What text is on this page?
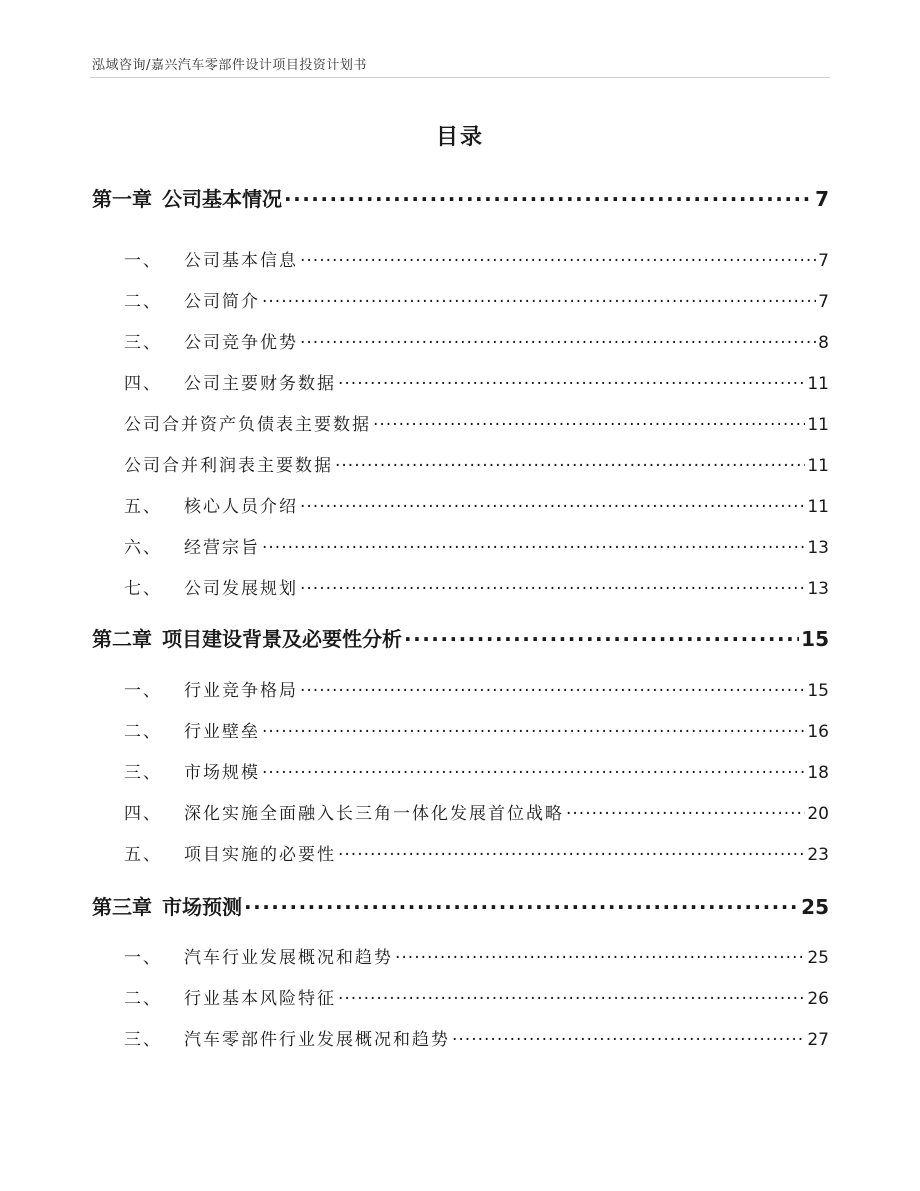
泓域咨询/嘉兴汽车零部件设计项目投资计划书
目录
第一章 公司基本情况 .....	7
一、 公司基本信息 .....	7
二、 公司简介 .....	7
三、 公司竞争优势 .....	8
四、 公司主要财务数据 .....	11
公司合并资产负债表主要数据 .....	11
公司合并利润表主要数据 .....	11
五、 核心人员介绍 .....	11
六、 经营宗旨 .....	13
七、 公司发展规划 .....	13
第二章 项目建设背景及必要性分析 .....	15
一、 行业竞争格局 .....	15
二、 行业壁垒 .....	16
三、 市场规模 .....	18
四、 深化实施全面融入长三角一体化发展首位战略 .....	20
五、 项目实施的必要性 .....	23
第三章 市场预测 .....	25
一、 汽车行业发展概况和趋势 .....	25
二、 行业基本风险特征 .....	26
三、 汽车零部件行业发展概况和趋势 .....	27
